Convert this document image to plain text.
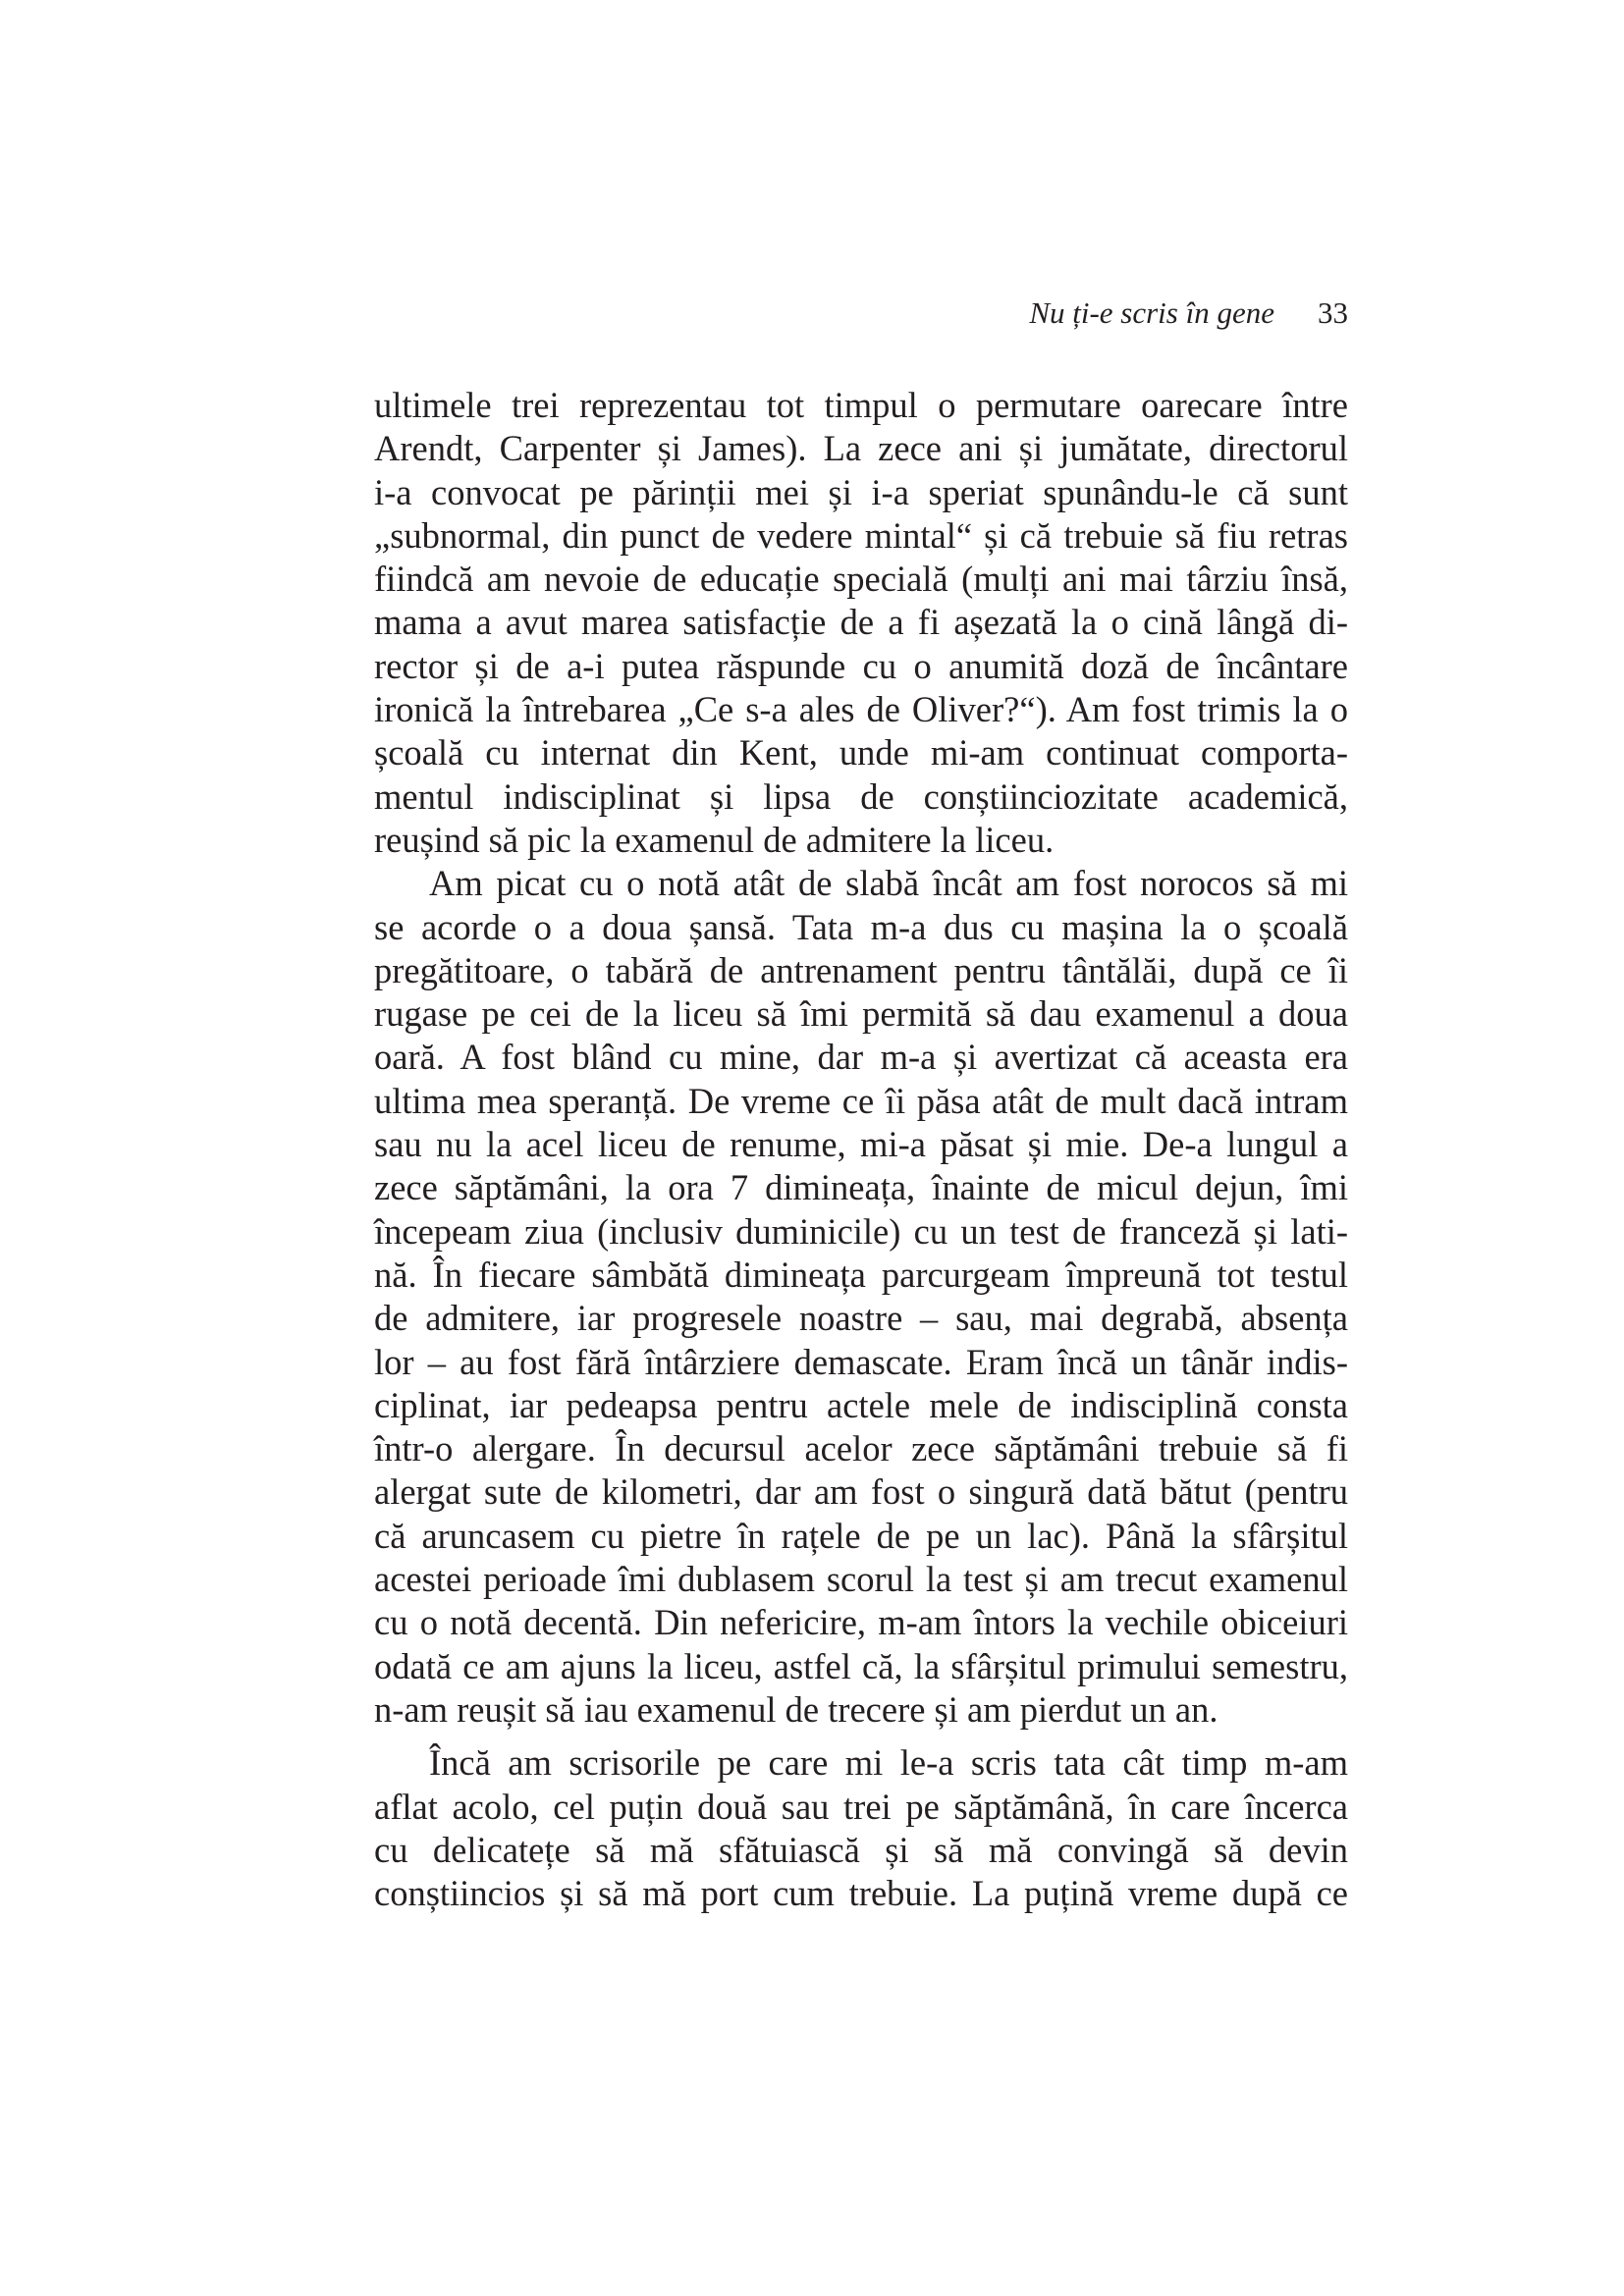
Nu ți-e scris în gene 33

ultimele trei reprezentau tot timpul o permutare oarecare între
Arendt, Carpenter și James). La zece ani și jumătate, directorul
i-a convocat pe părinții mei și i-a speriat spunându-le că sunt
„subnormal, din punct de vedere mintal“ și că trebuie să fiu retras
fiindcă am nevoie de educație specială (mulți ani mai târziu însă,
mama a avut marea satisfacție de a fi așezată la o cină lângă di-
rector și de a-i putea răspunde cu o anumită doză de încântare
ironică la întrebarea „Ce s-a ales de Oliver?“). Am fost trimis la o
școală cu internat din Kent, unde mi-am continuat comporta-
mentul indisciplinat și lipsa de conștiinciozitate academică,
reușind să pic la examenul de admitere la liceu.

Am picat cu o notă atât de slabă încât am fost norocos să mi
se acorde o a doua șansă. Tata m-a dus cu mașina la o școală
pregătitoare, o tabără de antrenament pentru tântălăi, după ce îi
rugase pe cei de la liceu să îmi permită să dau examenul a doua
oară. A fost blând cu mine, dar m-a și avertizat că aceasta era
ultima mea speranță. De vreme ce îi păsa atât de mult dacă intram
sau nu la acel liceu de renume, mi-a păsat și mie. De-a lungul a
zece săptămâni, la ora 7 dimineața, înainte de micul dejun, îmi
începeam ziua (inclusiv duminicile) cu un test de franceză și lati-
nă. În fiecare sâmbătă dimineața parcurgeam împreună tot testul
de admitere, iar progresele noastre – sau, mai degrabă, absența
lor – au fost fără întârziere demascate. Eram încă un tânăr indis-
ciplinat, iar pedeapsa pentru actele mele de indisciplină consta
într-o alergare. În decursul acelor zece săptămâni trebuie să fi
alergat sute de kilometri, dar am fost o singură dată bătut (pentru
că aruncasem cu pietre în rațele de pe un lac). Până la sfârșitul
acestei perioade îmi dublasem scorul la test și am trecut examenul
cu o notă decentă. Din nefericire, m-am întors la vechile obiceiuri
odată ce am ajuns la liceu, astfel că, la sfârșitul primului semestru,
n-am reușit să iau examenul de trecere și am pierdut un an.

Încă am scrisorile pe care mi le-a scris tata cât timp m-am
aflat acolo, cel puțin două sau trei pe săptămână, în care încerca
cu delicatețe să mă sfătuiască și să mă convingă să devin
conștiincios și să mă port cum trebuie. La puțină vreme după ce
